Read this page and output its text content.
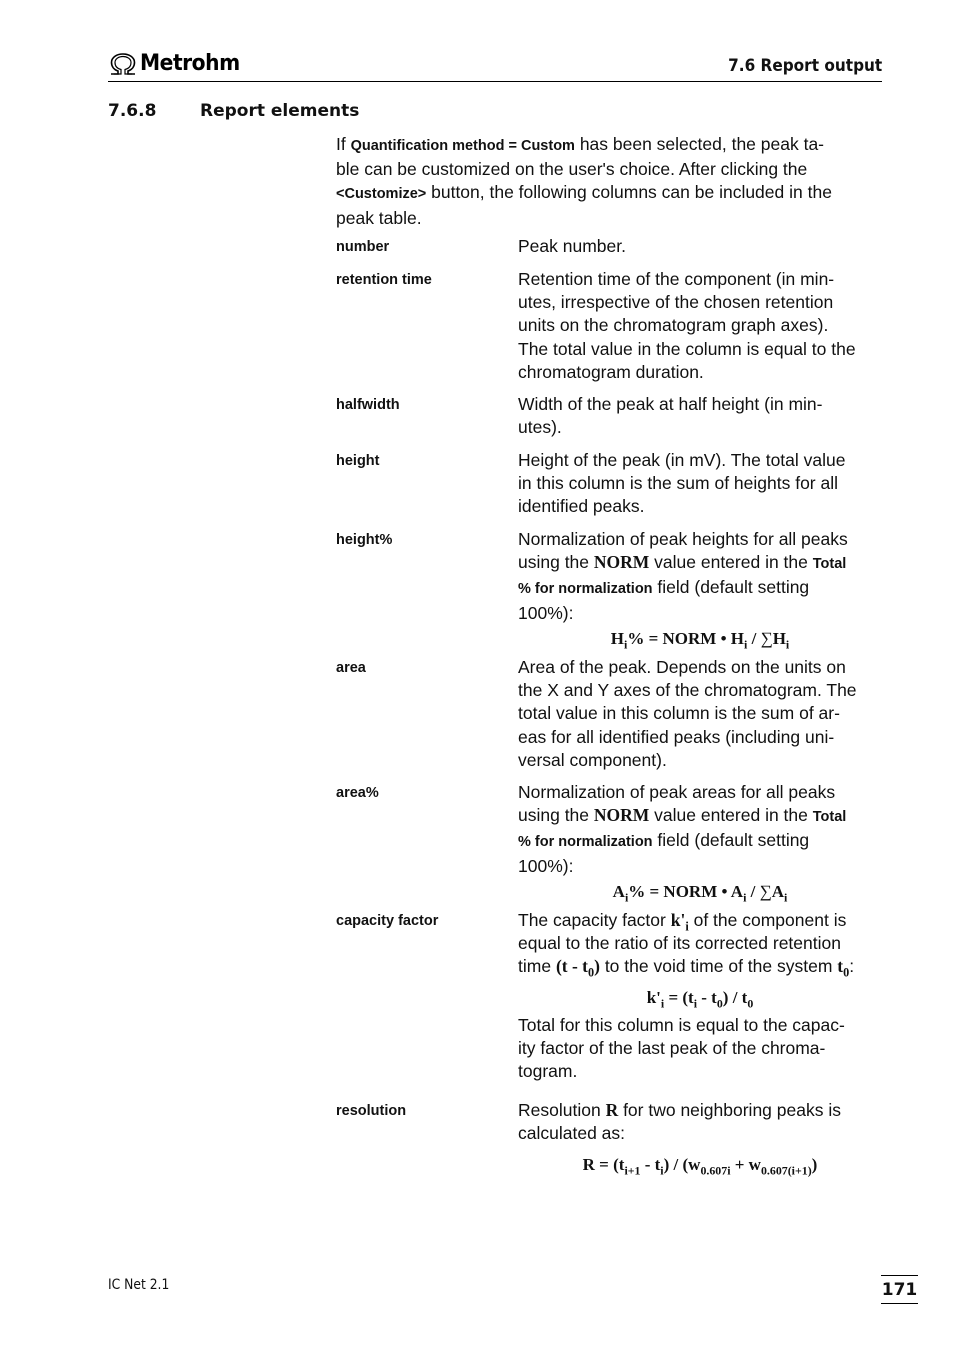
Metrohm	7.6 Report output
7.6.8	Report elements
If Quantification method = Custom has been selected, the peak ta-
ble can be customized on the user's choice. After clicking the
<Customize> button, the following columns can be included in the
peak table.
number	Peak number.
retention time	Retention time of the component (in min-
utes, irrespective of the chosen retention
units on the chromatogram graph axes).
The total value in the column is equal to the
chromatogram duration.
halfwidth	Width of the peak at half height (in min-
utes).
height	Height of the peak (in mV). The total value
in this column is the sum of heights for all
identified peaks.
height%	Normalization of peak heights for all peaks
using the NORM value entered in the Total
% for normalization field (default setting
100%):
$H_i\%$ = NORM • $H_i / \sum H_i$
area	Area of the peak. Depends on the units on
the X and Y axes of the chromatogram. The
total value in this column is the sum of ar-
eas for all identified peaks (including uni-
versal component).
area%	Normalization of peak areas for all peaks
using the NORM value entered in the Total
% for normalization field (default setting
100%):
$A_i\%$ = NORM • $A_i / \sum A_i$
capacity factor	The capacity factor $k'_i$ of the component is
equal to the ratio of its corrected retention
time $(t - t_0)$ to the void time of the system $t_0$:
$k'_i = (t_i - t_0) / t_0$
Total for this column is equal to the capac-
ity factor of the last peak of the chroma-
togram.
resolution	Resolution R for two neighboring peaks is
calculated as:
$R = (t_{i+1} - t_i) / (w_{0.607i} + w_{0.607(i+1)})$
IC Net 2.1	171
